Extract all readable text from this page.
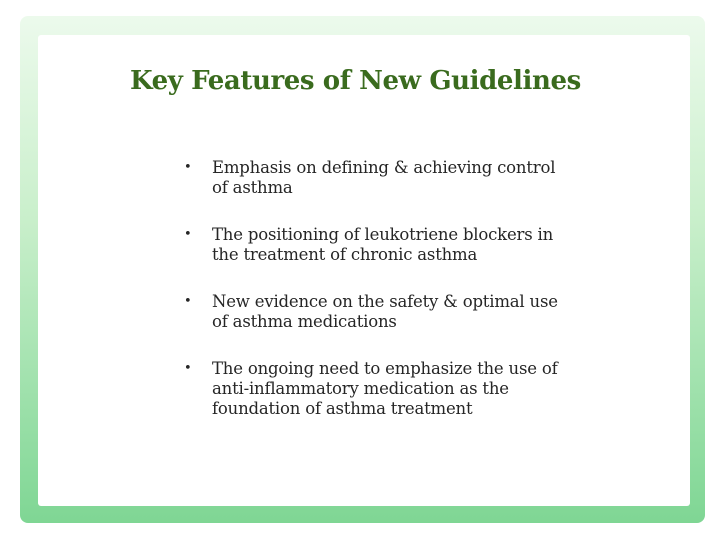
Key Features of New Guidelines
• Emphasis on defining & achieving control
of asthma
• The positioning of leukotriene blockers in
the treatment of chronic asthma
• New evidence on the safety & optimal use
of asthma medications
• The ongoing need to emphasize the use of
anti-inflammatory medication as the
foundation of asthma treatment
